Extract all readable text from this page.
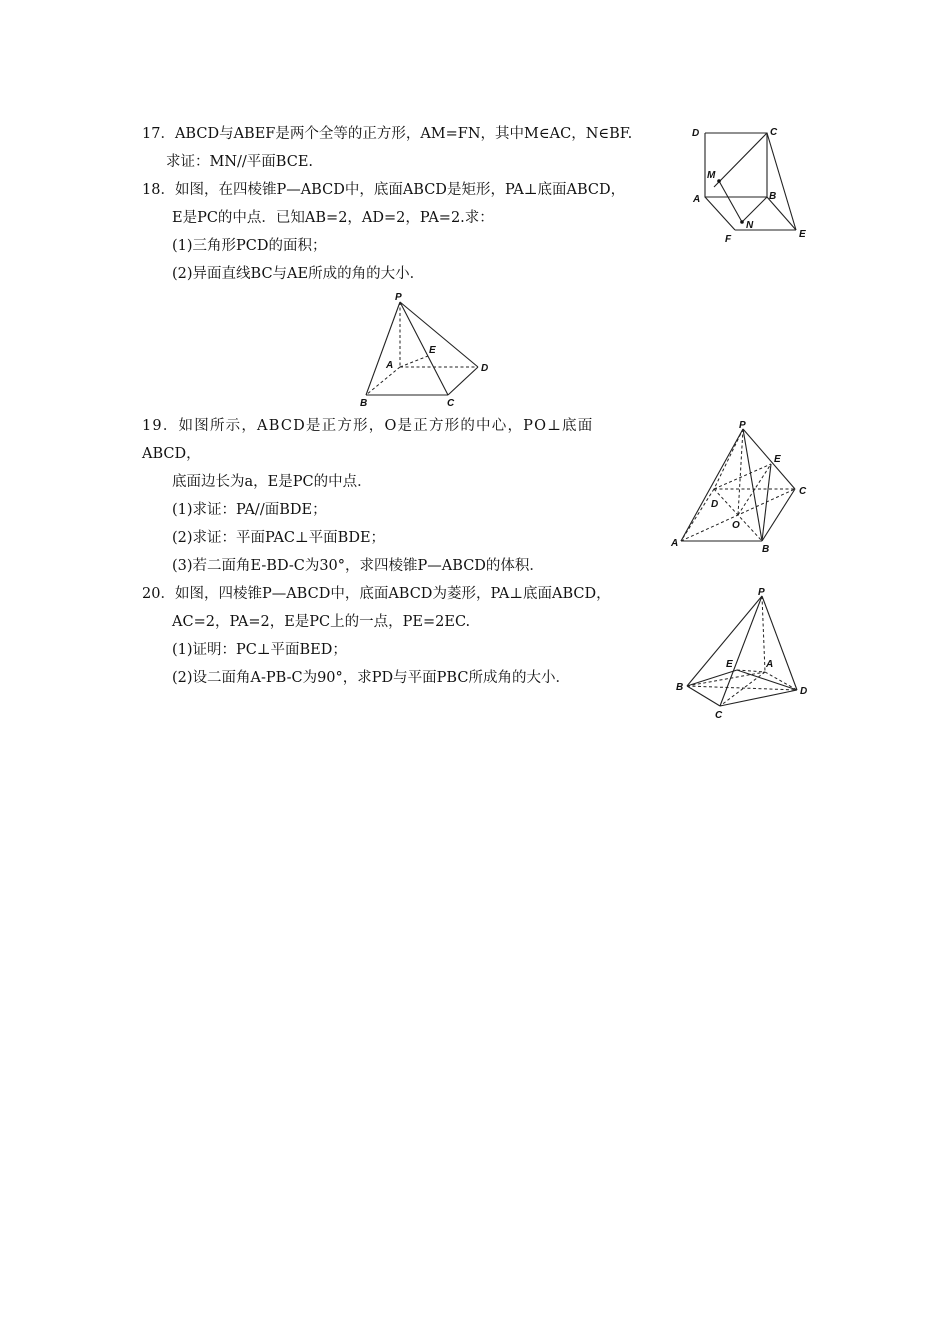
17．ABCD与ABEF是两个全等的正方形，AM=FN，其中M∈AC，N∈BF.
求证：MN//平面BCE.
18．如图，在四棱锥P—ABCD中，底面ABCD是矩形，PA⊥底面ABCD，
E是PC的中点．已知AB=2，AD=2，PA=2.求：
(1)三角形PCD的面积；
(2)异面直线BC与AE所成的角的大小．
19．如图所示，ABCD是正方形，O是正方形的中心，PO⊥底面
ABCD，
底面边长为a，E是PC的中点．
(1)求证：PA//面BDE；
(2)求证：平面PAC⊥平面BDE；
(3)若二面角E-BD-C为30°，求四棱锥P—ABCD的体积．
20．如图，四棱锥P—ABCD中，底面ABCD为菱形，PA⊥底面ABCD，
AC=2，PA=2，E是PC上的一点，PE=2EC.
(1)证明：PC⊥平面BED；
(2)设二面角A-PB-C为90°，求PD与平面PBC所成角的大小．
D	C
M
A	B
N
F	E
P
E
A	D
B	C
P
E
C
D
O
A
B
P
E	A
B	D
C
